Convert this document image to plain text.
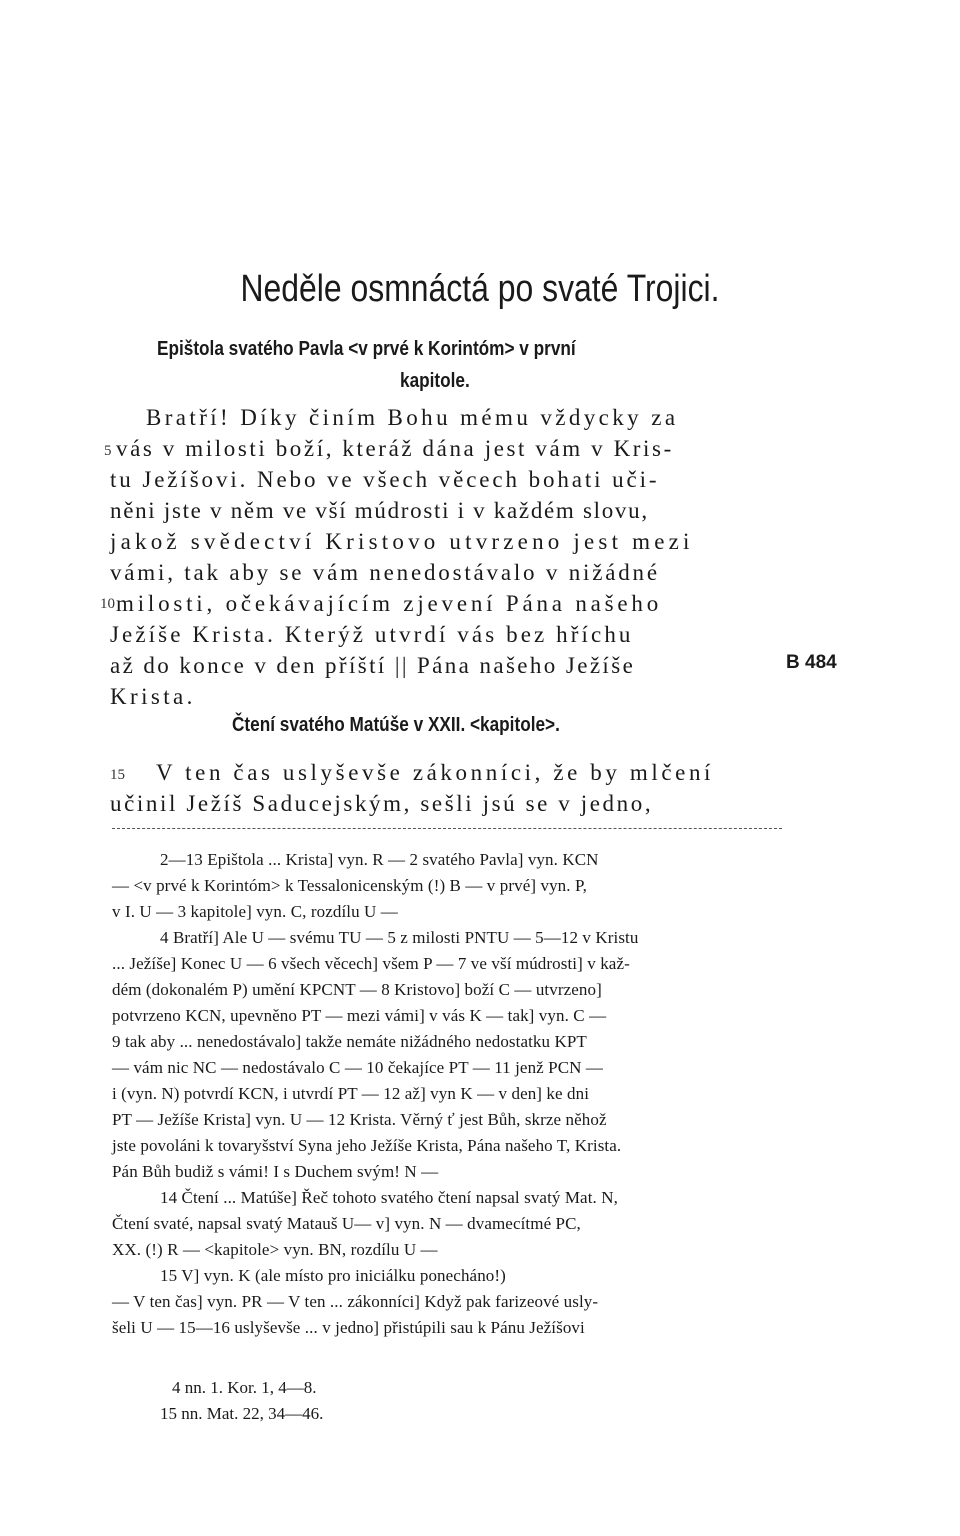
Neděle osmnáctá po svaté Trojici.
Epištola svatého Pavla <v prvé k Korintóm> v první
kapitole.
5
10
Bratří! Díky činím Bohu mému vždycky za
vás v milosti boží, kteráž dána jest vám v Kris-
tu Ježíšovi. Nebo ve všech věcech bohati uči-
něni jste v něm ve vší múdrosti i v každém slovu,
jakož svědectví Kristovo utvrzeno jest mezi
vámi, tak aby se vám nenedostávalo v nižádné
milosti, očekávajícím zjevení Pána našeho
Ježíše Krista. Kterýž utvrdí vás bez hříchu
až do konce v den příští || Pána našeho Ježíše
Krista.
B 484
Čtení svatého Matúše v XXII. <kapitole>.
15 V ten čas uslyševše zákonníci, že by mlčení
učinil Ježíš Saducejským, sešli jsú se v jedno,
2—13 Epištola ... Krista] vyn. R — 2 svatého Pavla] vyn. KCN
— <v prvé k Korintóm> k Tessalonicenským (!) B — v prvé] vyn. P,
v I. U — 3 kapitole] vyn. C, rozdílu U —
4 Bratří] Ale U — svému TU — 5 z milosti PNTU — 5—12 v Kristu
... Ježíše] Konec U — 6 všech věcech] všem P — 7 ve vší múdrosti] v kaž-
dém (dokonalém P) umění KPCNT — 8 Kristovo] boží C — utvrzeno]
potvrzeno KCN, upevněno PT — mezi vámi] v vás K — tak] vyn. C —
9 tak aby ... nenedostávalo] takže nemáte nižádného nedostatku KPT
— vám nic NC — nedostávalo C — 10 čekajíce PT — 11 jenž PCN —
i (vyn. N) potvrdí KCN, i utvrdí PT — 12 až] vyn K — v den] ke dni
PT — Ježíše Krista] vyn. U — 12 Krista. Věrný ť jest Bůh, skrze něhož
jste povoláni k tovaryšství Syna jeho Ježíše Krista, Pána našeho T, Krista.
Pán Bůh budiž s vámi! I s Duchem svým! N —
14 Čtení ... Matúše] Řeč tohoto svatého čtení napsal svatý Mat. N,
Čtení svaté, napsal svatý Matauš U— v] vyn. N — dvamecítmé PC,
XX. (!) R — <kapitole> vyn. BN, rozdílu U —
15 V] vyn. K (ale místo pro iniciálku ponecháno!)
— V ten čas] vyn. PR — V ten ... zákonníci] Když pak farizeové usly-
šeli U — 15—16 uslyševše ... v jedno] přistúpili sau k Pánu Ježíšovi
4 nn. 1. Kor. 1, 4—8.
15 nn. Mat. 22, 34—46.
